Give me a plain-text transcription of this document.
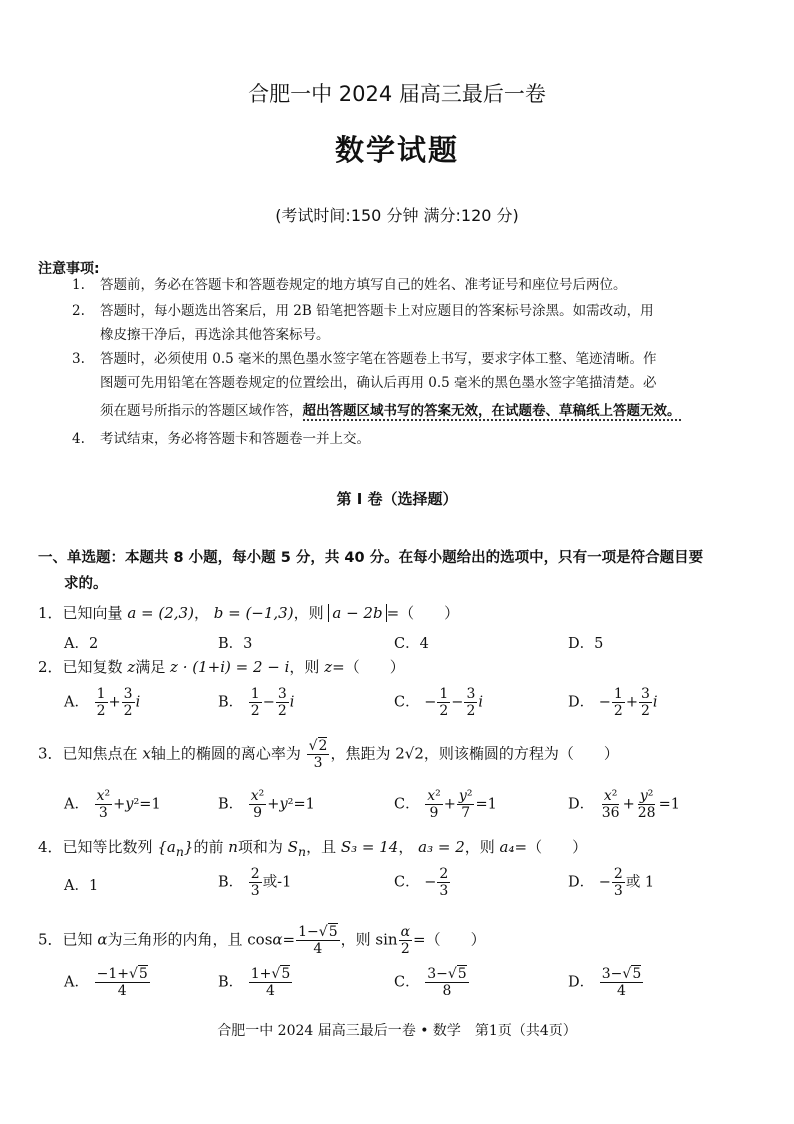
合肥一中 2024 届高三最后一卷
数学试题
(考试时间:150 分钟 满分:120 分)
注意事项:
1. 答题前，务必在答题卡和答题卷规定的地方填写自己的姓名、准考证号和座位号后两位。
2. 答题时，每小题选出答案后，用 2B 铅笔把答题卡上对应题目的答案标号涂黑。如需改动，用
橡皮擦干净后，再选涂其他答案标号。
3. 答题时，必须使用 0.5 毫米的黑色墨水签字笔在答题卷上书写，要求字体工整、笔迹清晰。作
图题可先用铅笔在答题卷规定的位置绘出，确认后再用 0.5 毫米的黑色墨水签字笔描清楚。必
须在题号所指示的答题区域作答，超出答题区域书写的答案无效，在试题卷、草稿纸上答题无效。
4. 考试结束，务必将答题卡和答题卷一并上交。
第 I 卷（选择题）
一、单选题：本题共 8 小题，每小题 5 分，共 40 分。在每小题给出的选项中，只有一项是符合题目要
求的。
1．已知向量 a = (2,3)， b = (−1,3)，则 a − 2b =（　　）
A．2	B．3	C．4	D．5
2．已知复数 z满足 z · (1+i) = 2 − i，则 z=（　　）
A． $\frac{1}{2} + \frac{3}{2}$ i	B． $\frac{1}{2} - \frac{3}{2}$ i	C． − $\frac{1}{2} - \frac{3}{2}$ i	D． − $\frac{1}{2} + \frac{3}{2}$ i
3．已知焦点在 x轴上的椭圆的离心率为 $\frac{√2}{3}$ ，焦距为 2√2，则该椭圆的方程为（　　）
A． $\frac{\text{x²}}{3} +y^2=1$	B． $\frac{\text{x²}}{9} +y^2=1$	C． $\frac{\text{x²}}{9} + \frac{\text{y²}}{7} =1$	D． $\frac{\text{x²}}{36} + \frac{\text{y²}}{28} =1$
4．已知等比数列 $\{a_n\}$的前 n项和为 $S_n$，且 S₃ = 14， a₃ = 2，则 a₄=（　　）
A．1	B． $\frac{2}{3}$ 或-1	C． − $\frac{2}{3}$	D． − $\frac{2}{3}$ 或 1
5．已知 α为三角形的内角，且 $\cos\alpha= \frac{1-√5}{4}$ ，则 $\sin \frac{\alpha}{2}$ =（　　）
A． $\frac{-1+√5}{4}$	B． $\frac{1+√5}{4}$	C． $\frac{3-√5}{8}$	D． $\frac{3-√5}{4}$
合肥一中 2024 届高三最后一卷 • 数学　第1页（共4页）
